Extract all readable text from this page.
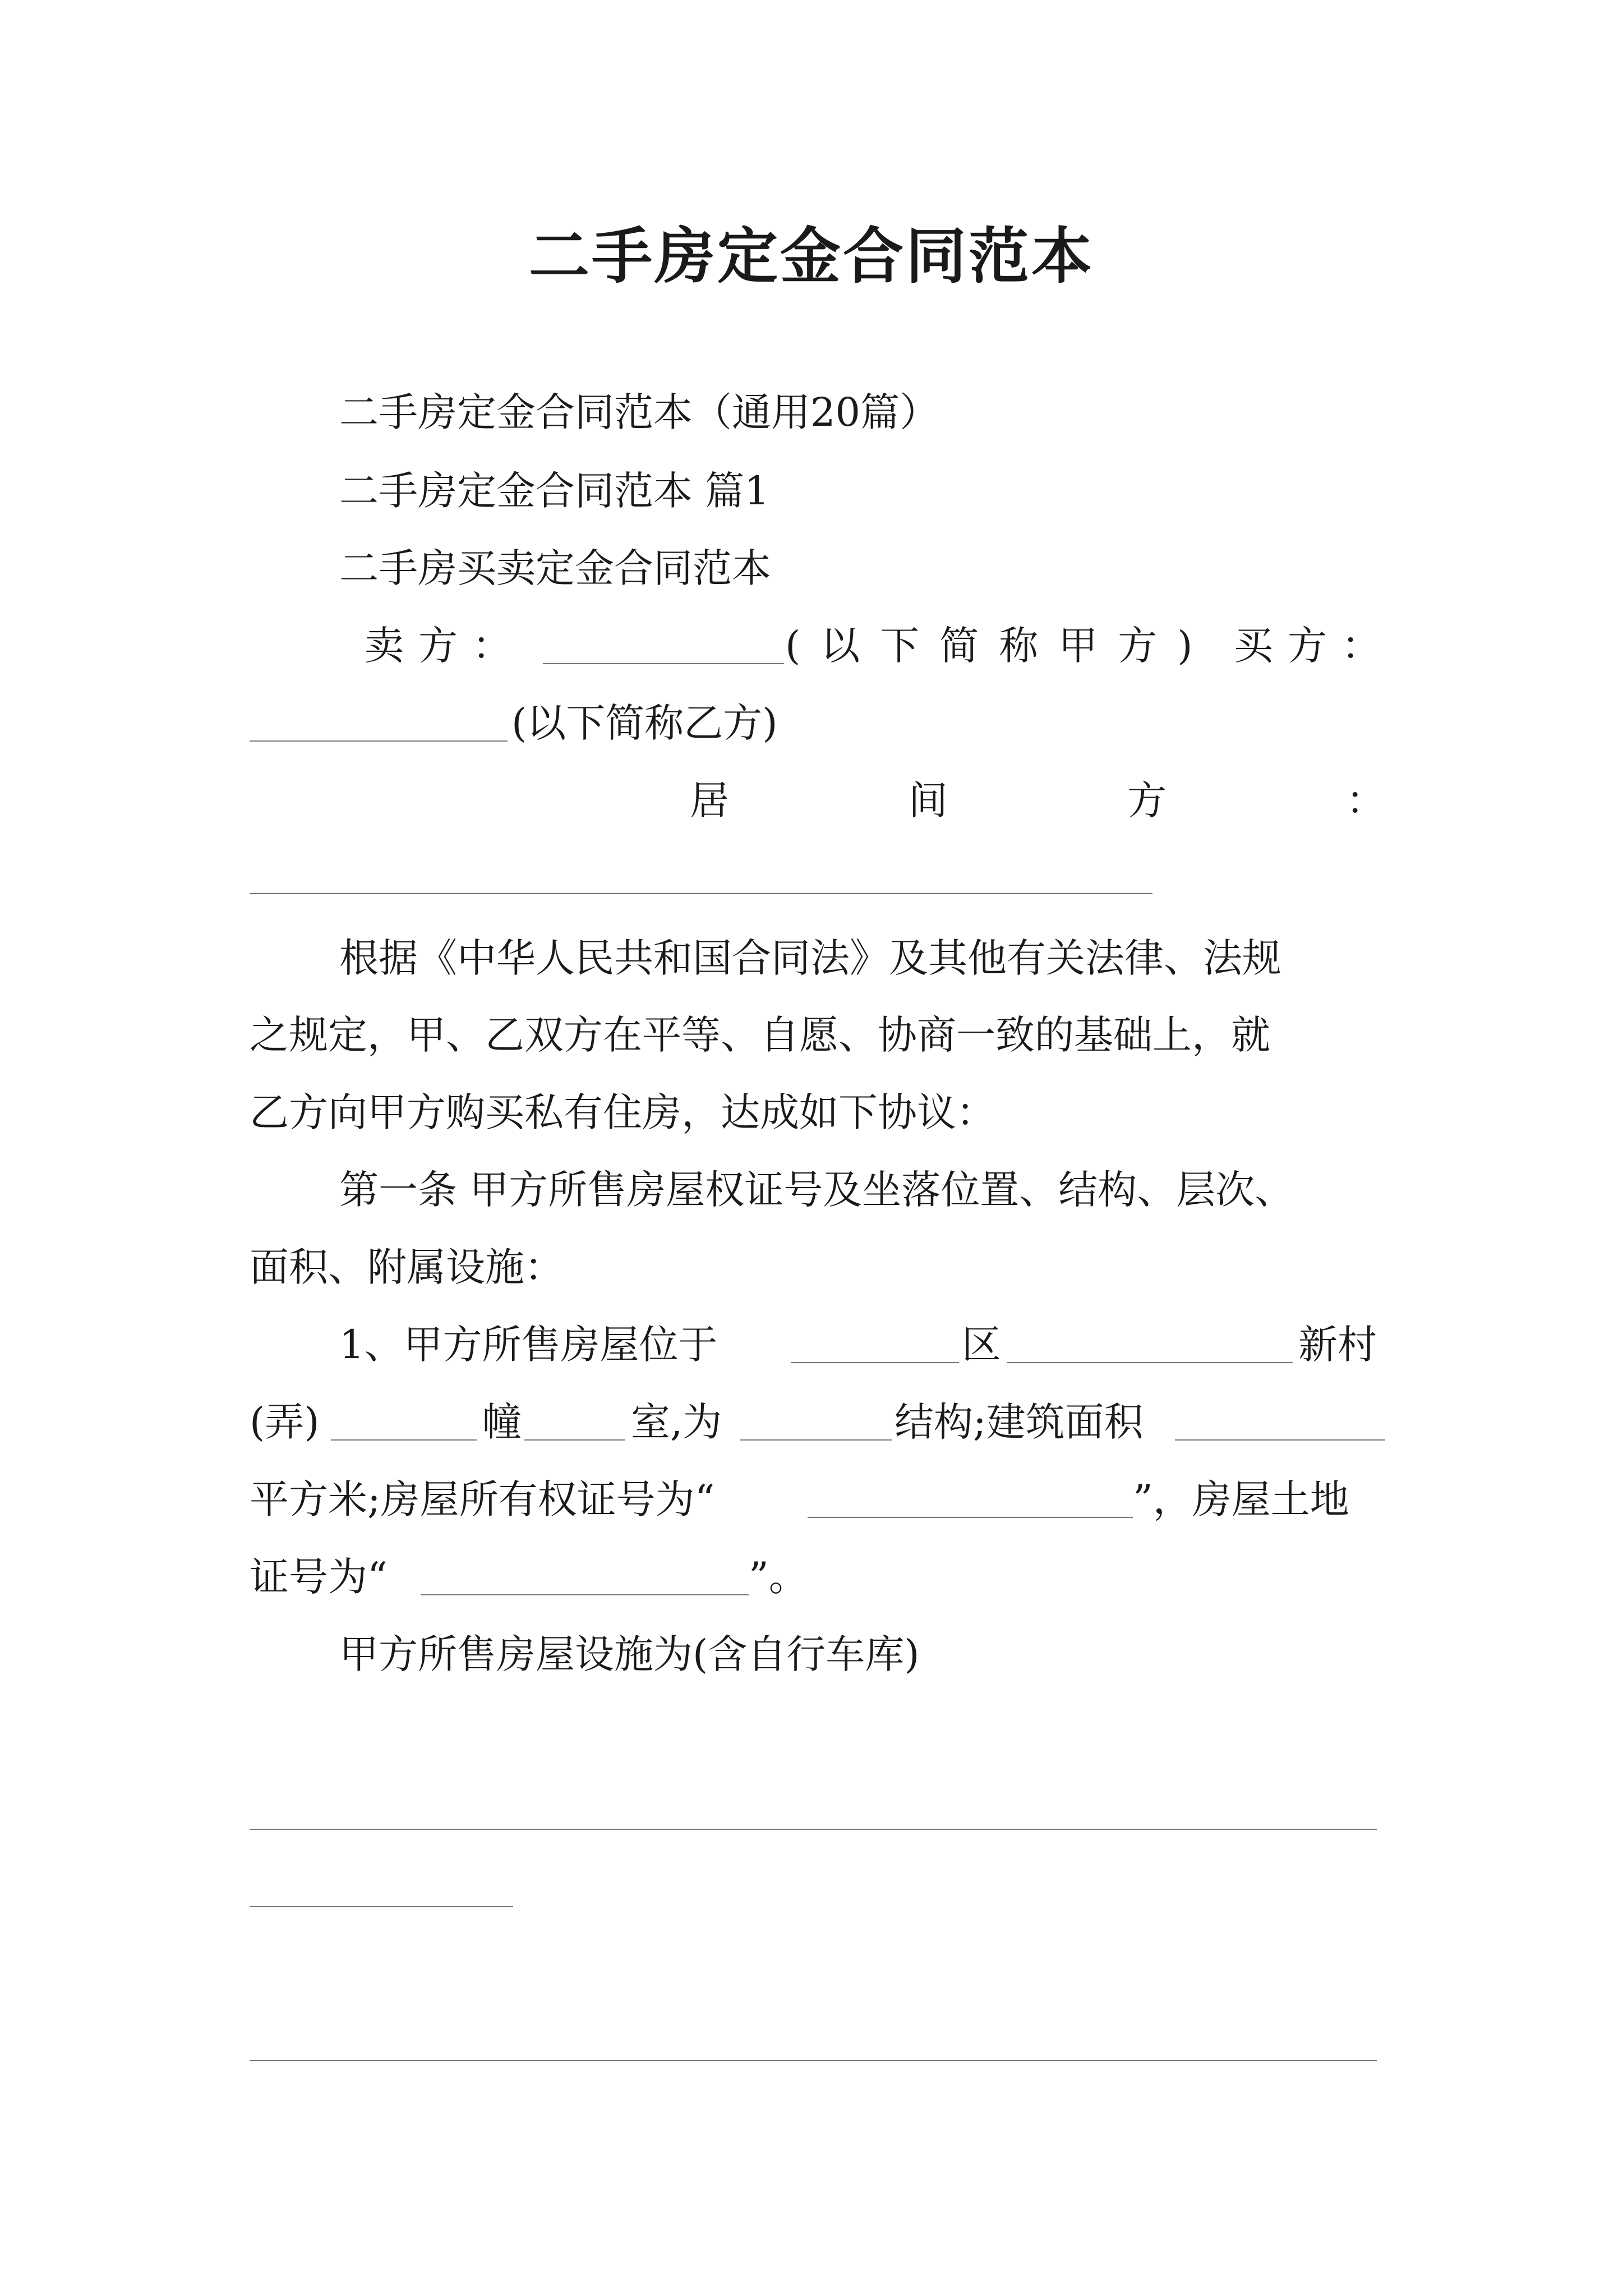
二手房定金合同范本
二手房定金合同范本（通用20篇）
二手房定金合同范本 篇1
二手房买卖定金合同范本
卖方：	(以下简称甲方) 买方：
(以下简称乙方)
居	间	方	：
根据《中华人民共和国合同法》及其他有关法律、法规
之规定，甲、乙双方在平等、自愿、协商一致的基础上，就
乙方向甲方购买私有住房，达成如下协议：
第一条 甲方所售房屋权证号及坐落位置、结构、层次、
面积、附属设施：
1、甲方所售房屋位于	区	新村
(弄)	幢	室,为	结构;建筑面积
平方米;房屋所有权证号为“	”，房屋土地
证号为“	”。
甲方所售房屋设施为(含自行车库)
